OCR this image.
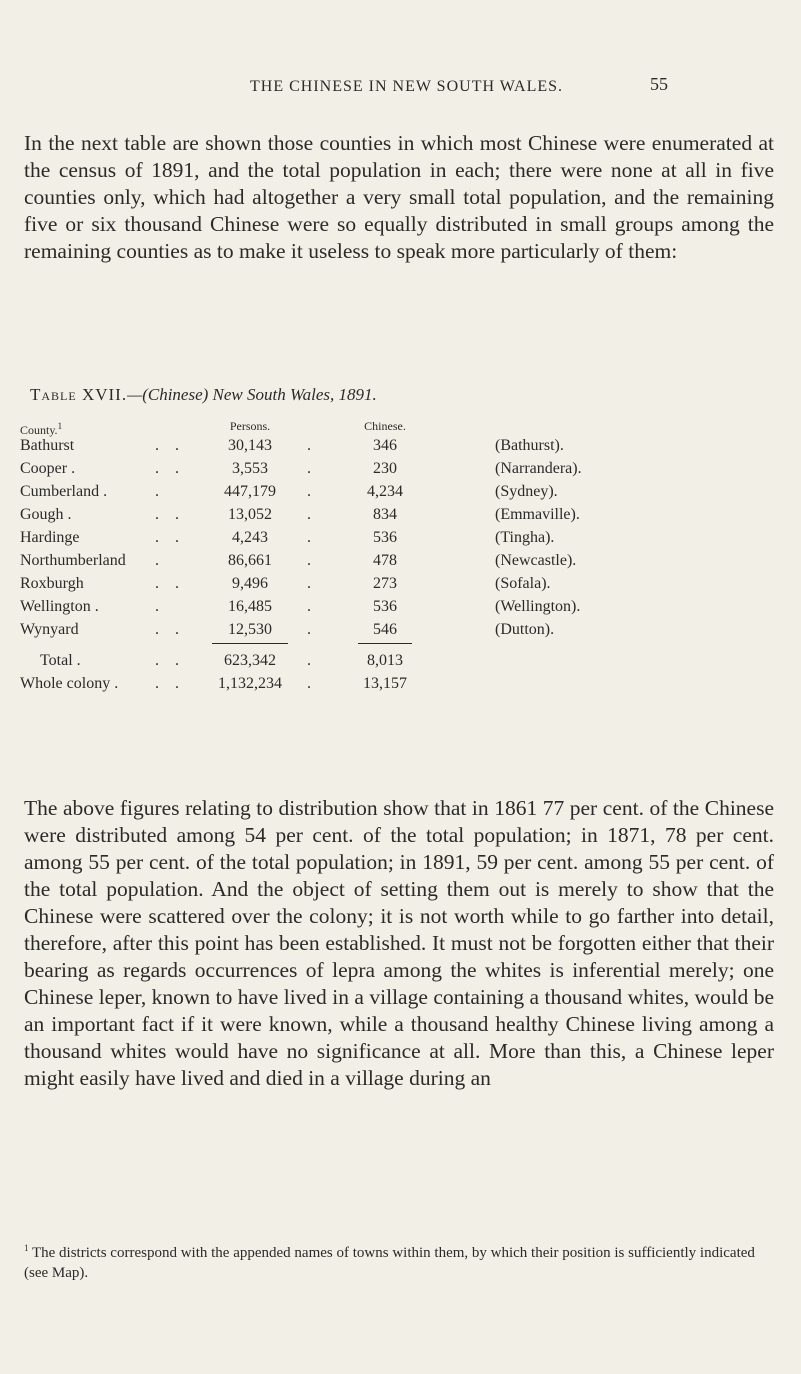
THE CHINESE IN NEW SOUTH WALES.	55
In the next table are shown those counties in which most Chinese were enumerated at the census of 1891, and the total population in each; there were none at all in five counties only, which had altogether a very small total population, and the remaining five or six thousand Chinese were so equally distributed in small groups among the remaining counties as to make it useless to speak more particularly of them:
Table XVII.—(Chinese) New South Wales, 1891.
County.$^1$	Persons.	Chinese.
Bathurst	. .	30,143	.	346	(Bathurst).
Cooper .	. .	3,553	.	230	(Narrandera).
Cumberland .	.	447,179	.	4,234	(Sydney).
Gough .	. .	13,052	.	834	(Emmaville).
Hardinge	. .	4,243	.	536	(Tingha).
Northumberland .	86,661	.	478	(Newcastle).
Roxburgh	. .	9,496	.	273	(Sofala).
Wellington .	.	16,485	.	536	(Wellington).
Wynyard	. .	12,530	.	546	(Dutton).
Total .	. .	623,342	.	8,013
Whole colony . . .	1,132,234	.	13,157
The above figures relating to distribution show that in 1861 77 per cent. of the Chinese were distributed among 54 per cent. of the total population; in 1871, 78 per cent. among 55 per cent. of the total population; in 1891, 59 per cent. among 55 per cent. of the total population. And the object of setting them out is merely to show that the Chinese were scattered over the colony; it is not worth while to go farther into detail, therefore, after this point has been established. It must not be forgotten either that their bearing as regards occurrences of lepra among the whites is inferential merely; one Chinese leper, known to have lived in a village containing a thousand whites, would be an important fact if it were known, while a thousand healthy Chinese living among a thousand whites would have no significance at all. More than this, a Chinese leper might easily have lived and died in a village during an
$^1$ The districts correspond with the appended names of towns within them, by which their position is sufficiently indicated (see Map).
